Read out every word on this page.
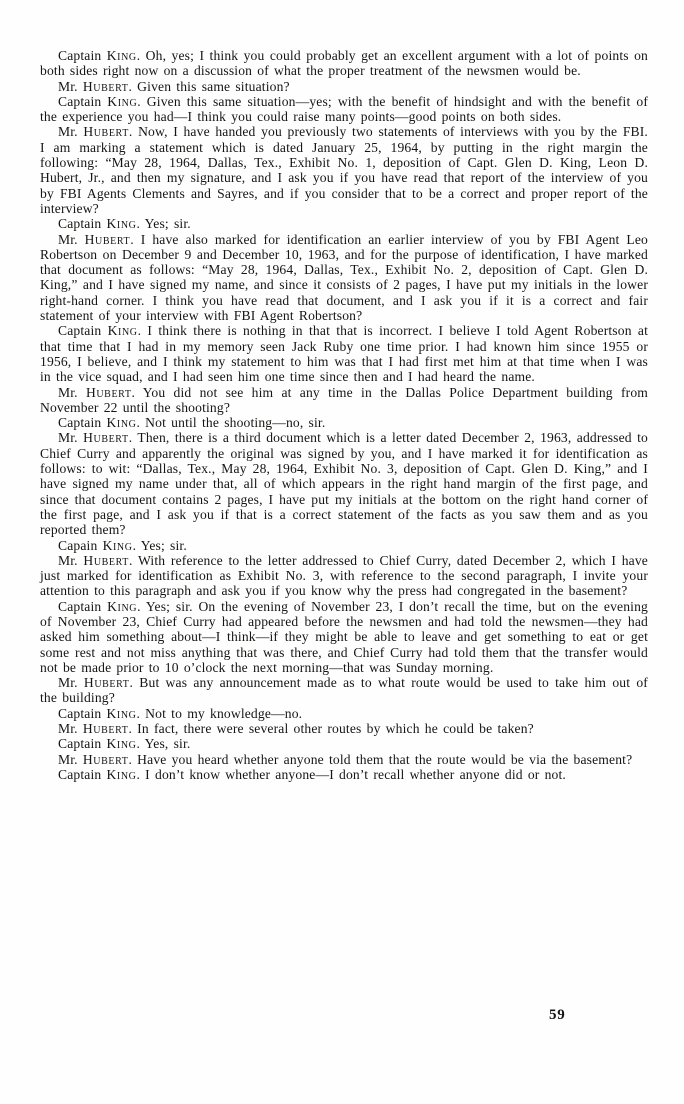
Captain King. Oh, yes; I think you could probably get an excellent argument with a lot of points on both sides right now on a discussion of what the proper treatment of the newsmen would be.

Mr. Hubert. Given this same situation?

Captain King. Given this same situation—yes; with the benefit of hindsight and with the benefit of the experience you had—I think you could raise many points—good points on both sides.

Mr. Hubert. Now, I have handed you previously two statements of interviews with you by the FBI. I am marking a statement which is dated January 25, 1964, by putting in the right margin the following: “May 28, 1964, Dallas, Tex., Exhibit No. 1, deposition of Capt. Glen D. King, Leon D. Hubert, Jr., and then my signature, and I ask you if you have read that report of the interview of you by FBI Agents Clements and Sayres, and if you consider that to be a correct and proper report of the interview?

Captain King. Yes; sir.

Mr. Hubert. I have also marked for identification an earlier interview of you by FBI Agent Leo Robertson on December 9 and December 10, 1963, and for the purpose of identification, I have marked that document as follows: “May 28, 1964, Dallas, Tex., Exhibit No. 2, deposition of Capt. Glen D. King,” and I have signed my name, and since it consists of 2 pages, I have put my initials in the lower right-hand corner. I think you have read that document, and I ask you if it is a correct and fair statement of your interview with FBI Agent Robertson?

Captain King. I think there is nothing in that that is incorrect. I believe I told Agent Robertson at that time that I had in my memory seen Jack Ruby one time prior. I had known him since 1955 or 1956, I believe, and I think my statement to him was that I had first met him at that time when I was in the vice squad, and I had seen him one time since then and I had heard the name.

Mr. Hubert. You did not see him at any time in the Dallas Police Department building from November 22 until the shooting?

Captain King. Not until the shooting—no, sir.

Mr. Hubert. Then, there is a third document which is a letter dated December 2, 1963, addressed to Chief Curry and apparently the original was signed by you, and I have marked it for identification as follows: to wit: “Dallas, Tex., May 28, 1964, Exhibit No. 3, deposition of Capt. Glen D. King,” and I have signed my name under that, all of which appears in the right hand margin of the first page, and since that document contains 2 pages, I have put my initials at the bottom on the right hand corner of the first page, and I ask you if that is a correct statement of the facts as you saw them and as you reported them?

Capain King. Yes; sir.

Mr. Hubert. With reference to the letter addressed to Chief Curry, dated December 2, which I have just marked for identification as Exhibit No. 3, with reference to the second paragraph, I invite your attention to this paragraph and ask you if you know why the press had congregated in the basement?

Captain King. Yes; sir. On the evening of November 23, I don’t recall the time, but on the evening of November 23, Chief Curry had appeared before the newsmen and had told the newsmen—they had asked him something about—I think—if they might be able to leave and get something to eat or get some rest and not miss anything that was there, and Chief Curry had told them that the transfer would not be made prior to 10 o’clock the next morning—that was Sunday morning.

Mr. Hubert. But was any announcement made as to what route would be used to take him out of the building?

Captain King. Not to my knowledge—no.

Mr. Hubert. In fact, there were several other routes by which he could be taken?

Captain King. Yes, sir.

Mr. Hubert. Have you heard whether anyone told them that the route would be via the basement?

Captain King. I don’t know whether anyone—I don’t recall whether anyone did or not.

59
